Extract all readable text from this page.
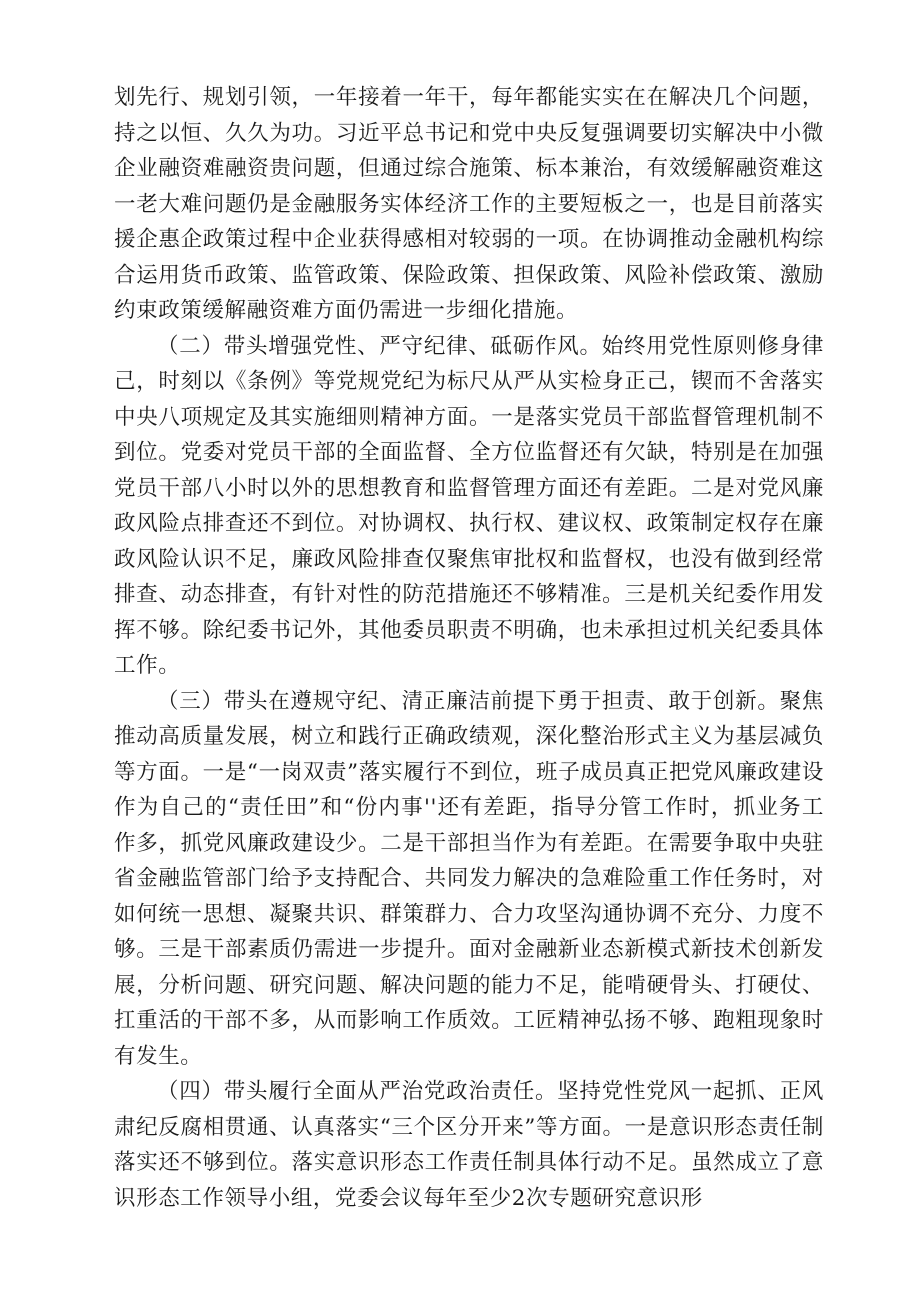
划先行、规划引领，一年接着一年干，每年都能实实在在解决几个问题，持之以恒、久久为功。习近平总书记和党中央反复强调要切实解决中小微企业融资难融资贵问题，但通过综合施策、标本兼治，有效缓解融资难这一老大难问题仍是金融服务实体经济工作的主要短板之一，也是目前落实援企惠企政策过程中企业获得感相对较弱的一项。在协调推动金融机构综合运用货币政策、监管政策、保险政策、担保政策、风险补偿政策、激励约束政策缓解融资难方面仍需进一步细化措施。

（二）带头增强党性、严守纪律、砥砺作风。始终用党性原则修身律己，时刻以《条例》等党规党纪为标尺从严从实检身正己，锲而不舍落实中央八项规定及其实施细则精神方面。一是落实党员干部监督管理机制不到位。党委对党员干部的全面监督、全方位监督还有欠缺，特别是在加强党员干部八小时以外的思想教育和监督管理方面还有差距。二是对党风廉政风险点排查还不到位。对协调权、执行权、建议权、政策制定权存在廉政风险认识不足，廉政风险排查仅聚焦审批权和监督权，也没有做到经常排查、动态排查，有针对性的防范措施还不够精准。三是机关纪委作用发挥不够。除纪委书记外，其他委员职责不明确，也未承担过机关纪委具体工作。

（三）带头在遵规守纪、清正廉洁前提下勇于担责、敢于创新。聚焦推动高质量发展，树立和践行正确政绩观，深化整治形式主义为基层减负等方面。一是“一岗双责”落实履行不到位，班子成员真正把党风廉政建设作为自己的“责任田”和“份内事''还有差距，指导分管工作时，抓业务工作多，抓党风廉政建设少。二是干部担当作为有差距。在需要争取中央驻省金融监管部门给予支持配合、共同发力解决的急难险重工作任务时，对如何统一思想、凝聚共识、群策群力、合力攻坚沟通协调不充分、力度不够。三是干部素质仍需进一步提升。面对金融新业态新模式新技术创新发展，分析问题、研究问题、解决问题的能力不足，能啃硬骨头、打硬仗、扛重活的干部不多，从而影响工作质效。工匠精神弘扬不够、跑粗现象时有发生。

（四）带头履行全面从严治党政治责任。坚持党性党风一起抓、正风肃纪反腐相贯通、认真落实“三个区分开来”等方面。一是意识形态责任制落实还不够到位。落实意识形态工作责任制具体行动不足。虽然成立了意识形态工作领导小组，党委会议每年至少2次专题研究意识形
